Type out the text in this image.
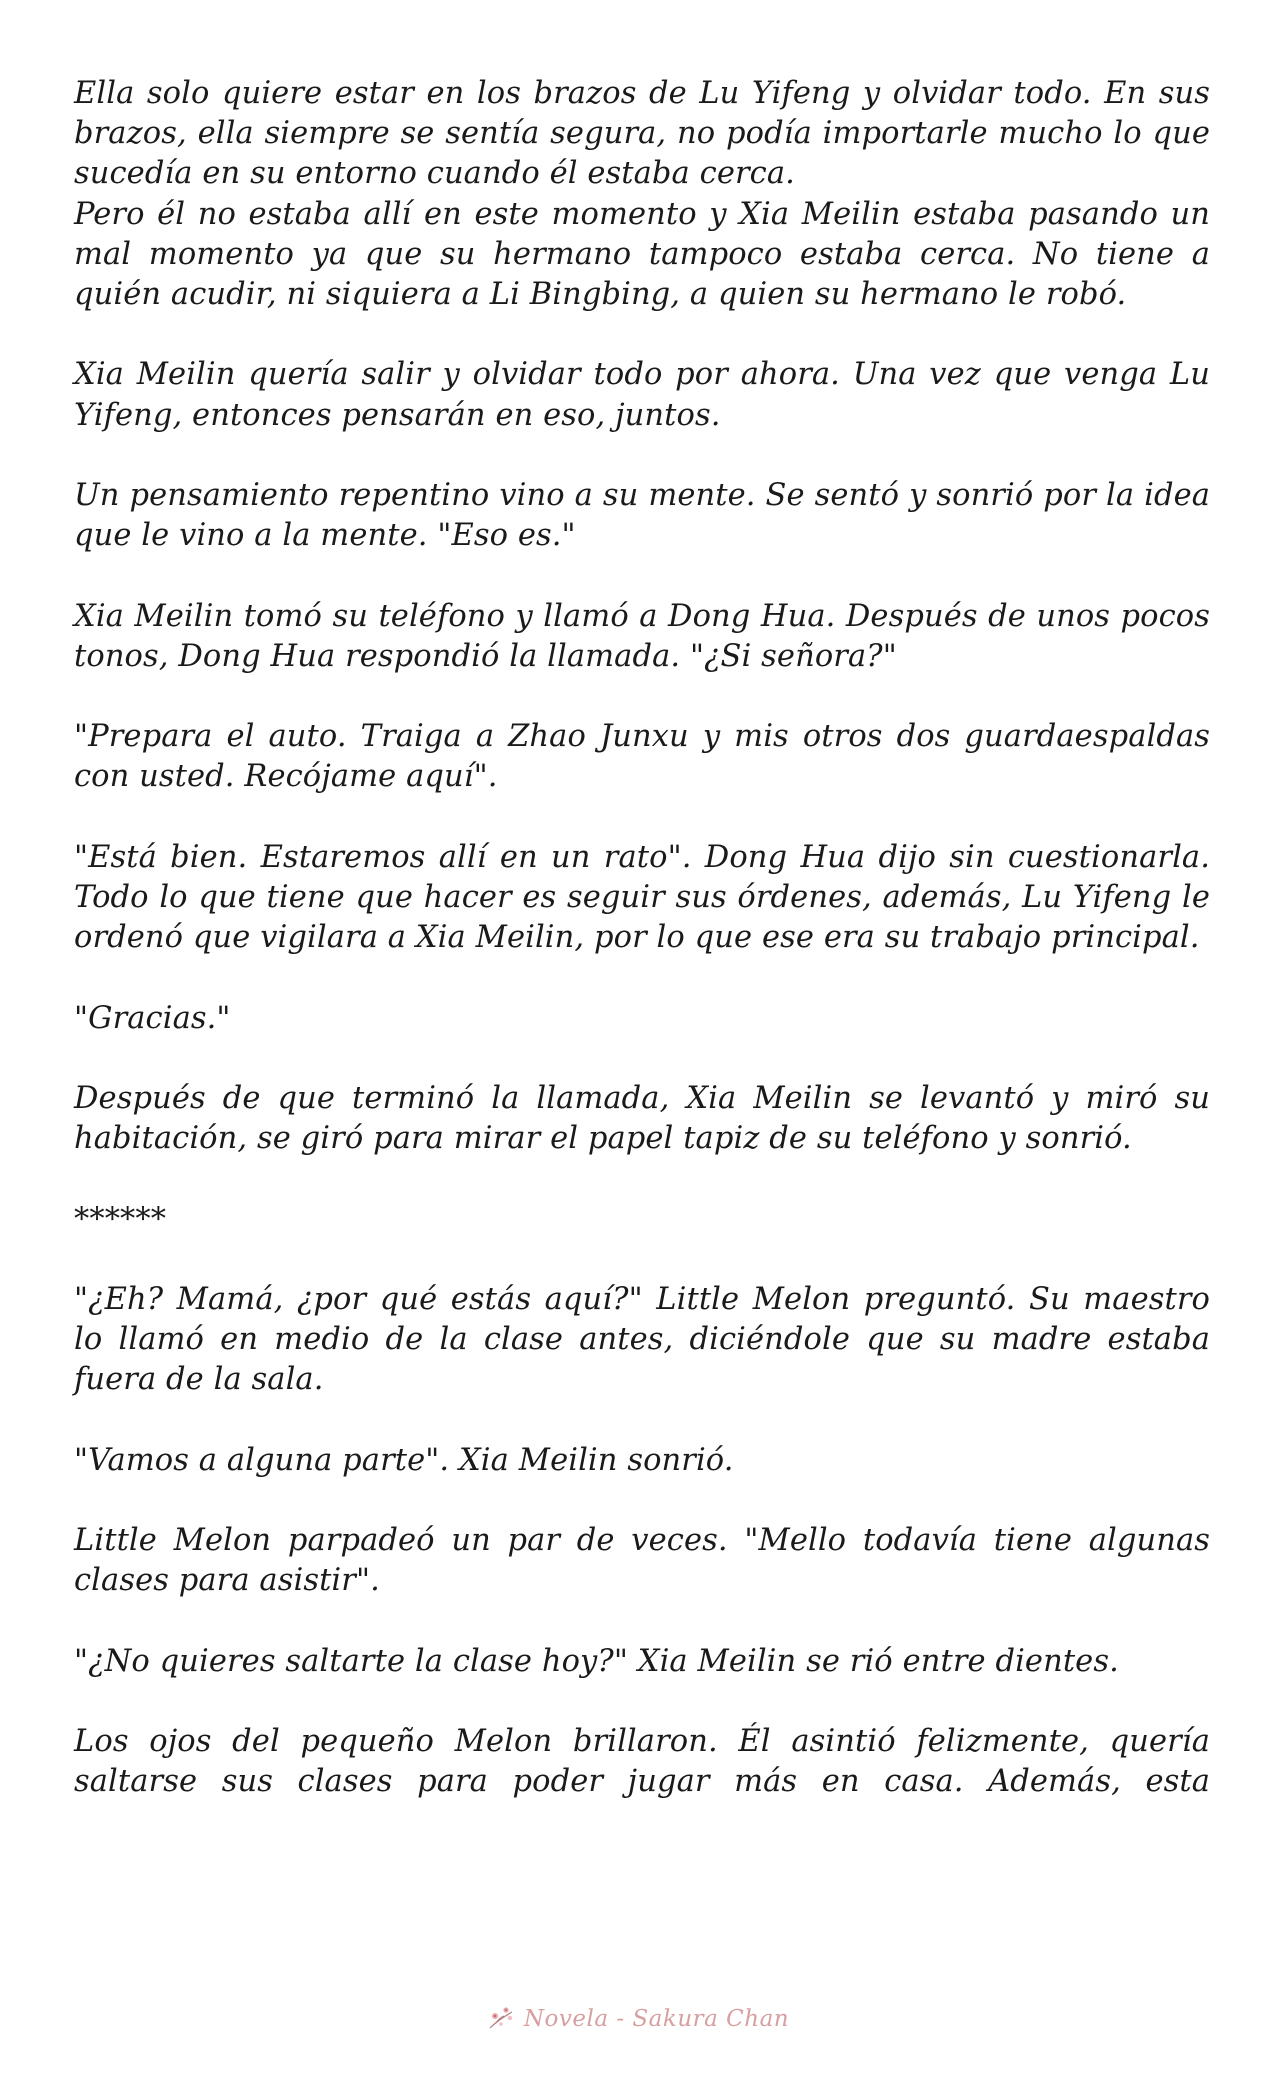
Ella solo quiere estar en los brazos de Lu Yifeng y olvidar todo. En sus brazos, ella siempre se sentía segura, no podía importarle mucho lo que sucedía en su entorno cuando él estaba cerca.

Pero él no estaba allí en este momento y Xia Meilin estaba pasando un mal momento ya que su hermano tampoco estaba cerca. No tiene a quién acudir, ni siquiera a Li Bingbing, a quien su hermano le robó.

Xia Meilin quería salir y olvidar todo por ahora. Una vez que venga Lu Yifeng, entonces pensarán en eso, juntos.

Un pensamiento repentino vino a su mente. Se sentó y sonrió por la idea que le vino a la mente. "Eso es."

Xia Meilin tomó su teléfono y llamó a Dong Hua. Después de unos pocos tonos, Dong Hua respondió la llamada. "¿Si señora?"

"Prepara el auto. Traiga a Zhao Junxu y mis otros dos guardaespaldas con usted. Recójame aquí".

"Está bien. Estaremos allí en un rato". Dong Hua dijo sin cuestionarla. Todo lo que tiene que hacer es seguir sus órdenes, además, Lu Yifeng le ordenó que vigilara a Xia Meilin, por lo que ese era su trabajo principal.

"Gracias."

Después de que terminó la llamada, Xia Meilin se levantó y miró su habitación, se giró para mirar el papel tapiz de su teléfono y sonrió.

******

"¿Eh? Mamá, ¿por qué estás aquí?" Little Melon preguntó. Su maestro lo llamó en medio de la clase antes, diciéndole que su madre estaba fuera de la sala.

"Vamos a alguna parte". Xia Meilin sonrió.

Little Melon parpadeó un par de veces. "Mello todavía tiene algunas clases para asistir".

"¿No quieres saltarte la clase hoy?" Xia Meilin se rió entre dientes.

Los ojos del pequeño Melon brillaron. Él asintió felizmente, quería saltarse sus clases para poder jugar más en casa. Además, esta

Novela - Sakura Chan
